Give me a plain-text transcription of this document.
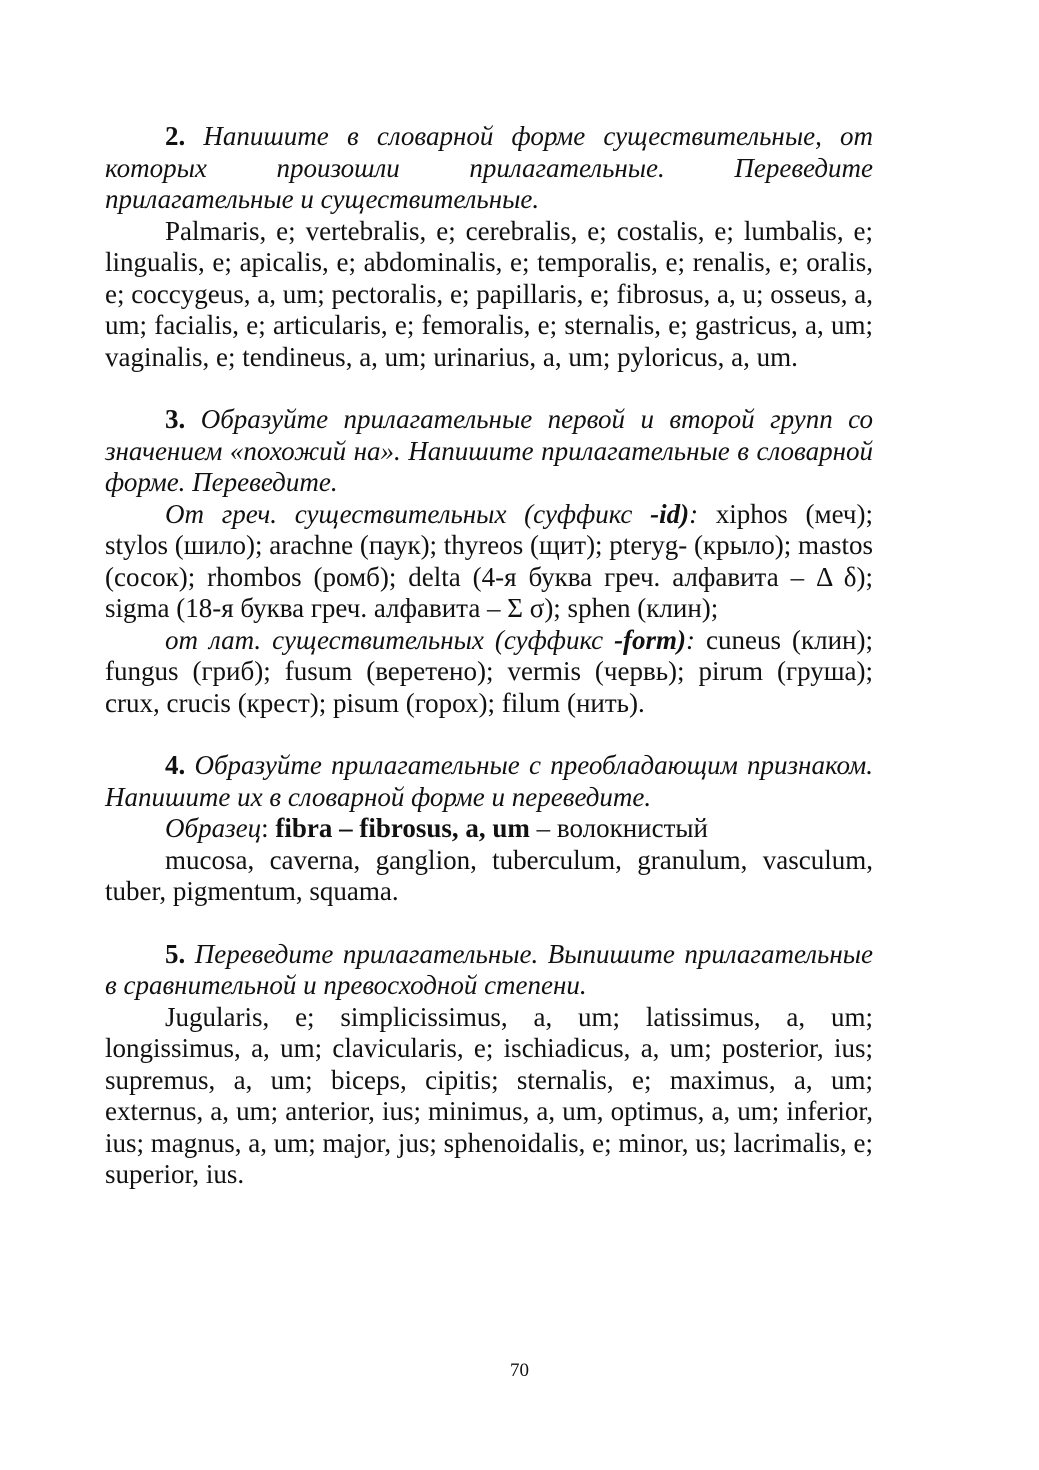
2. Напишите в словарной форме существительные, от которых произошли прилагательные. Переведите прилагательные и существительные.

Palmaris, e; vertebralis, e; cerebralis, e; costalis, e; lumbalis, e; lingualis, e; apicalis, e; abdominalis, e; temporalis, e; renalis, e; oralis, e; coccygeus, a, um; pectoralis, e; papillaris, e; fibrosus, a, u; osseus, a, um; facialis, e; articularis, e; femoralis, e; sternalis, e; gastricus, a, um; vaginalis, e; tendineus, a, um; urinarius, a, um; pyloricus, a, um.

3. Образуйте прилагательные первой и второй групп со значением «похожий на». Напишите прилагательные в словарной форме. Переведите.

От греч. существительных (суффикс -id): xiphos (меч); stylos (шило); arachne (паук); thyreos (щит); pteryg- (крыло); mastos (сосок); rhombos (ромб); delta (4-я буква греч. алфавита – Δ δ); sigma (18-я буква греч. алфавита – Σ σ); sphen (клин);

от лат. существительных (суффикс -form): cuneus (клин); fungus (гриб); fusum (веретено); vermis (червь); pirum (груша); crux, crucis (крест); pisum (горох); filum (нить).

4. Образуйте прилагательные с преобладающим признаком. Напишите их в словарной форме и переведите.

Образец: fibra – fibrosus, a, um – волокнистый

mucosa, caverna, ganglion, tuberculum, granulum, vasculum, tuber, pigmentum, squama.

5. Переведите прилагательные. Выпишите прилагательные в сравнительной и превосходной степени.

Jugularis, e; simplicissimus, a, um; latissimus, a, um; longissimus, a, um; clavicularis, e; ischiadicus, a, um; posterior, ius; supremus, a, um; biceps, cipitis; sternalis, e; maximus, a, um; externus, a, um; anterior, ius; minimus, a, um, optimus, a, um; inferior, ius; magnus, a, um; major, jus; sphenoidalis, e; minor, us; lacrimalis, e; superior, ius.

70
